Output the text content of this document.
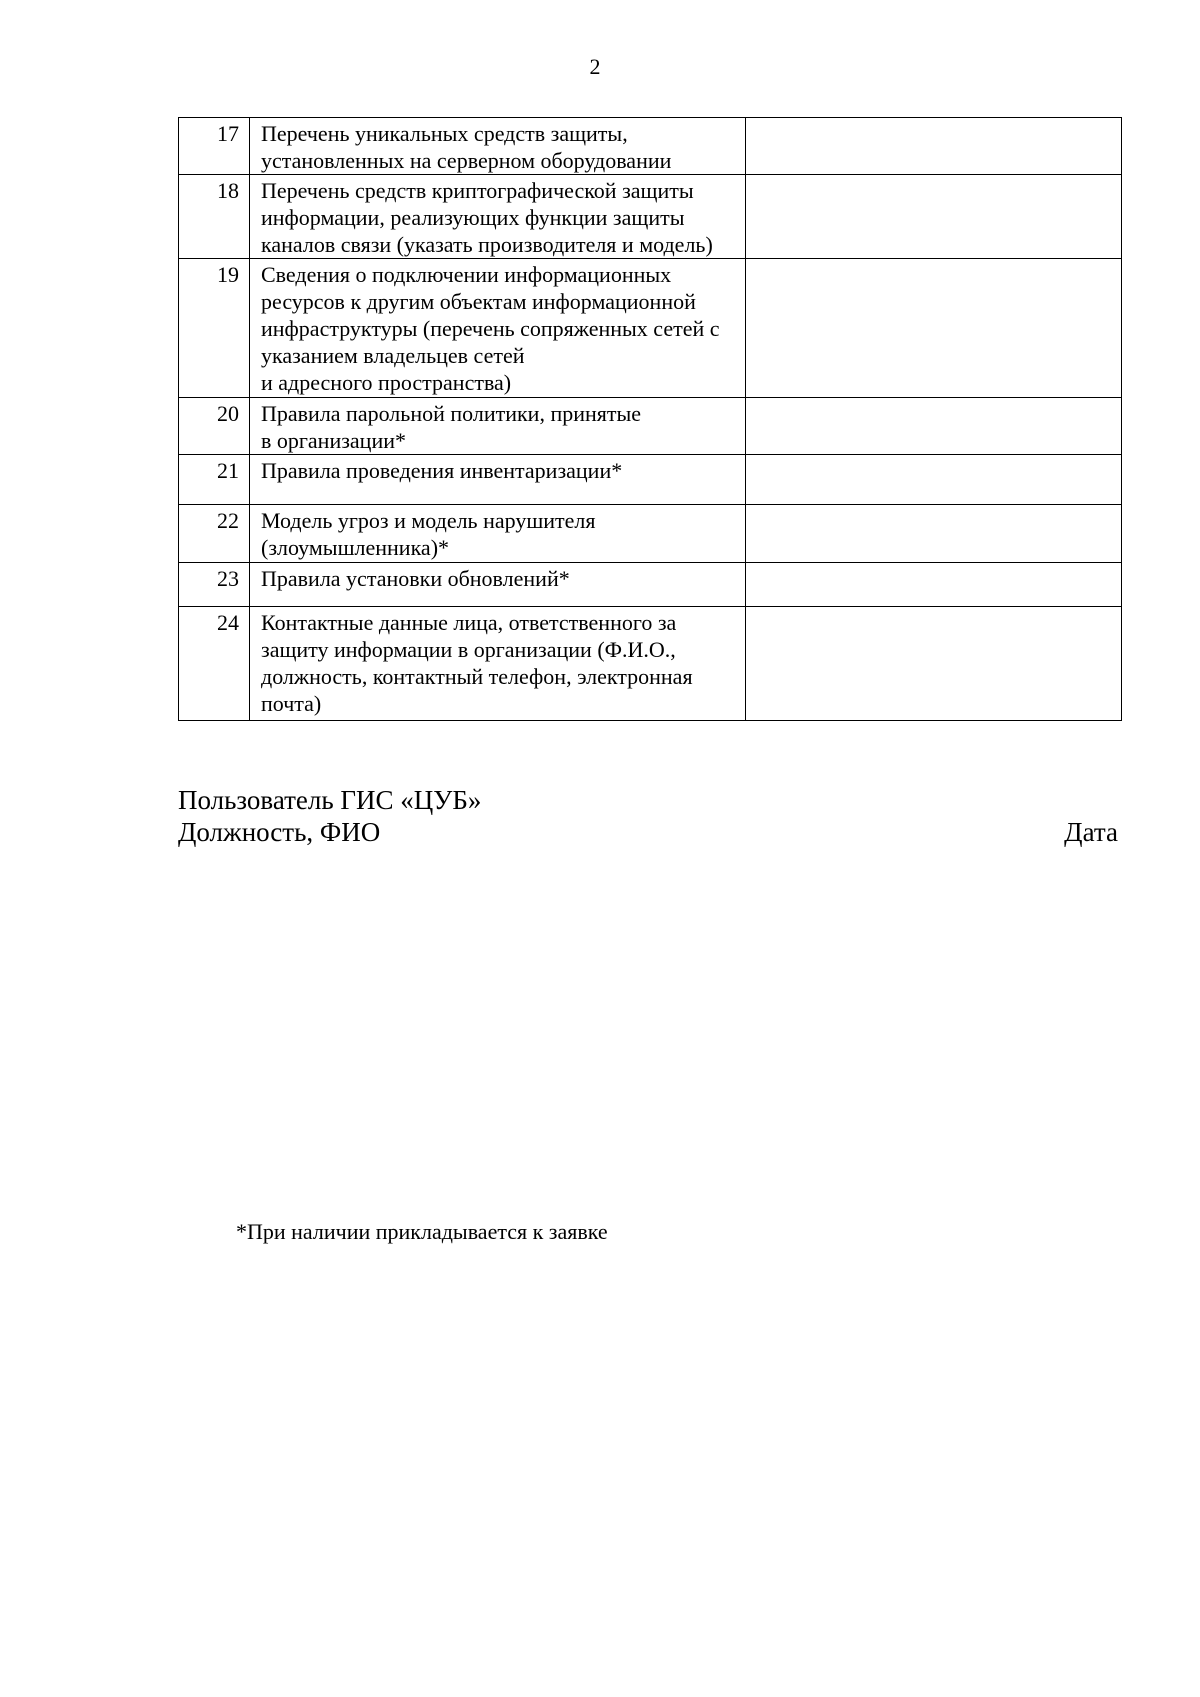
2
17	Перечень уникальных средств защиты,
установленных на серверном оборудовании	

18	Перечень средств криптографической защиты
информации, реализующих функции защиты
каналов связи (указать производителя и модель)	

19	Сведения о подключении информационных
ресурсов к другим объектам информационной
инфраструктуры (перечень сопряженных сетей с
указанием владельцев сетей
и адресного пространства)	

20	Правила парольной политики, принятые
в организации*	

21	Правила проведения инвентаризации*	

22	Модель угроз и модель нарушителя
(злоумышленника)*	

23	Правила установки обновлений*	

24	Контактные данные лица, ответственного за
защиту информации в организации (Ф.И.О.,
должность, контактный телефон, электронная
почта)	

Пользователь ГИС «ЦУБ»
Должность, ФИО	Дата
*При наличии прикладывается к заявке
